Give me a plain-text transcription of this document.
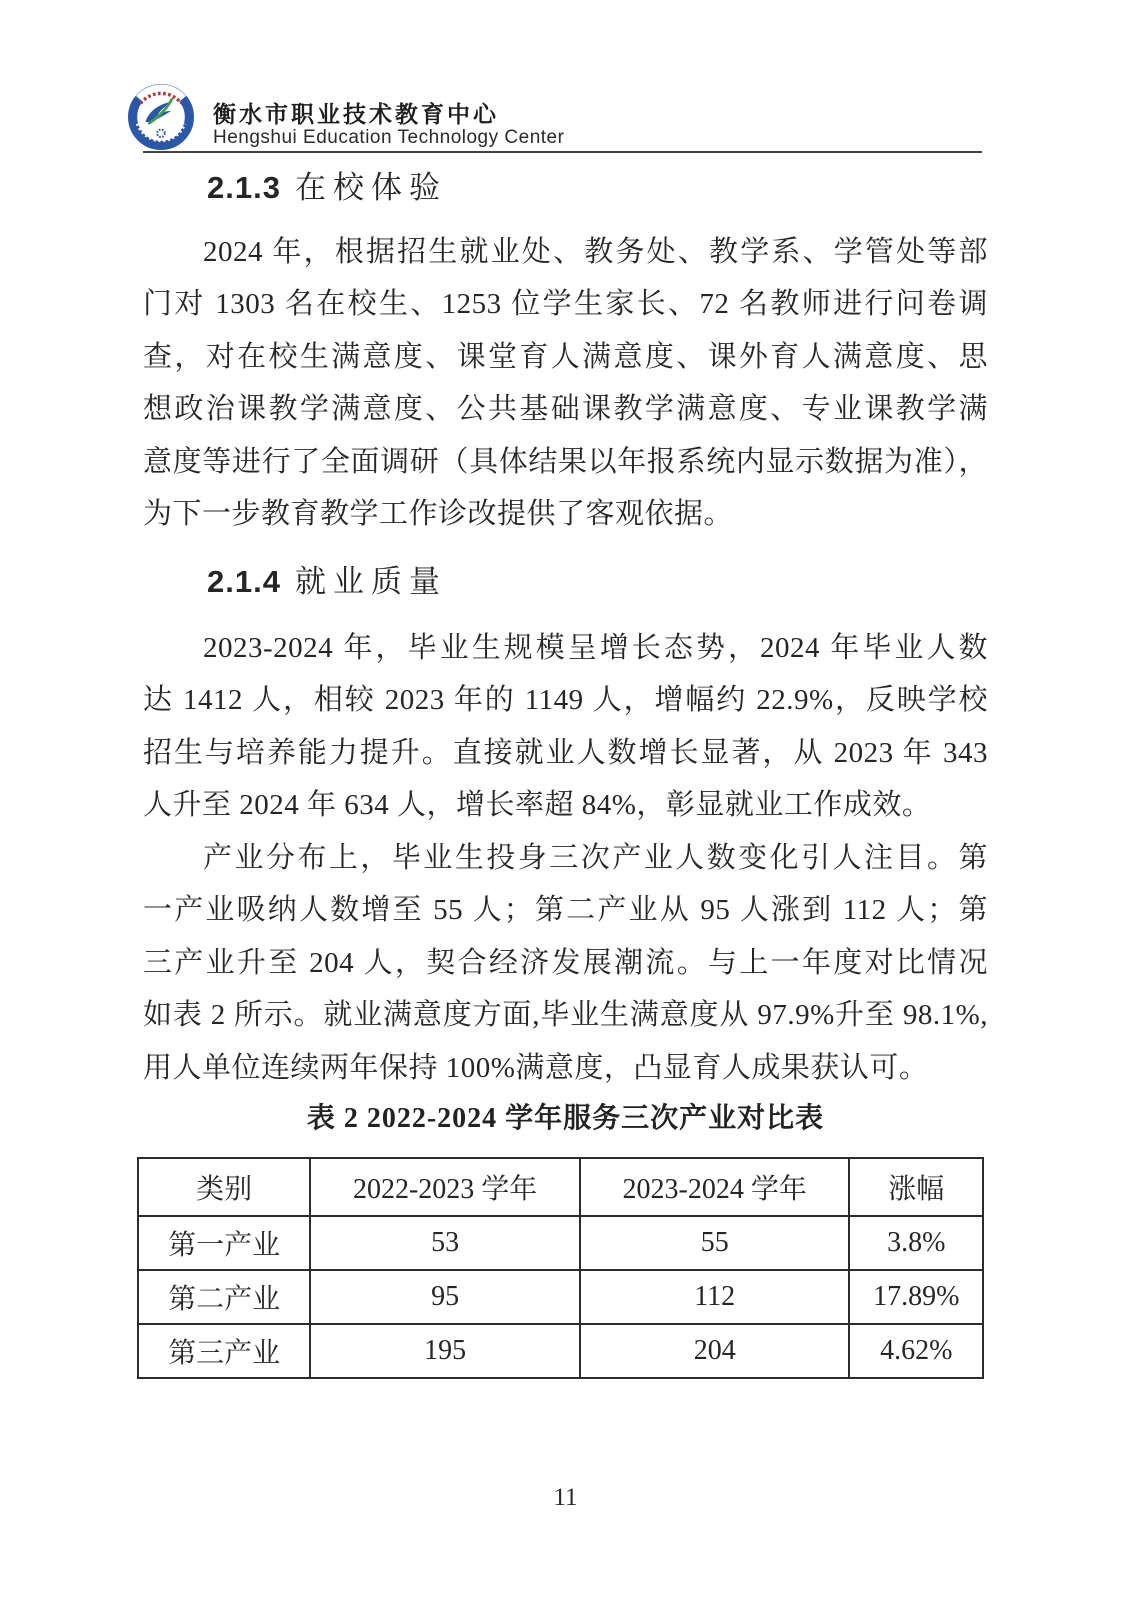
衡水市职业技术教育中心
Hengshui Education Technology Center
2.1.3 在校体验
2024 年，根据招生就业处、教务处、教学系、学管处等部
门对 1303 名在校生、1253 位学生家长、72 名教师进行问卷调
查，对在校生满意度、课堂育人满意度、课外育人满意度、思
想政治课教学满意度、公共基础课教学满意度、专业课教学满
意度等进行了全面调研（具体结果以年报系统内显示数据为准），
为下一步教育教学工作诊改提供了客观依据。
2.1.4 就业质量
2023-2024 年，毕业生规模呈增长态势，2024 年毕业人数
达 1412 人，相较 2023 年的 1149 人，增幅约 22.9%，反映学校
招生与培养能力提升。直接就业人数增长显著，从 2023 年 343
人升至 2024 年 634 人，增长率超 84%，彰显就业工作成效。
产业分布上，毕业生投身三次产业人数变化引人注目。第
一产业吸纳人数增至 55 人；第二产业从 95 人涨到 112 人；第
三产业升至 204 人，契合经济发展潮流。与上一年度对比情况
如表 2 所示。就业满意度方面,毕业生满意度从 97.9%升至 98.1%,
用人单位连续两年保持 100%满意度，凸显育人成果获认可。
表 2 2022-2024 学年服务三次产业对比表
类别	2022-2023 学年	2023-2024 学年	涨幅
第一产业	53	55	3.8%
第二产业	95	112	17.89%
第三产业	195	204	4.62%
11
